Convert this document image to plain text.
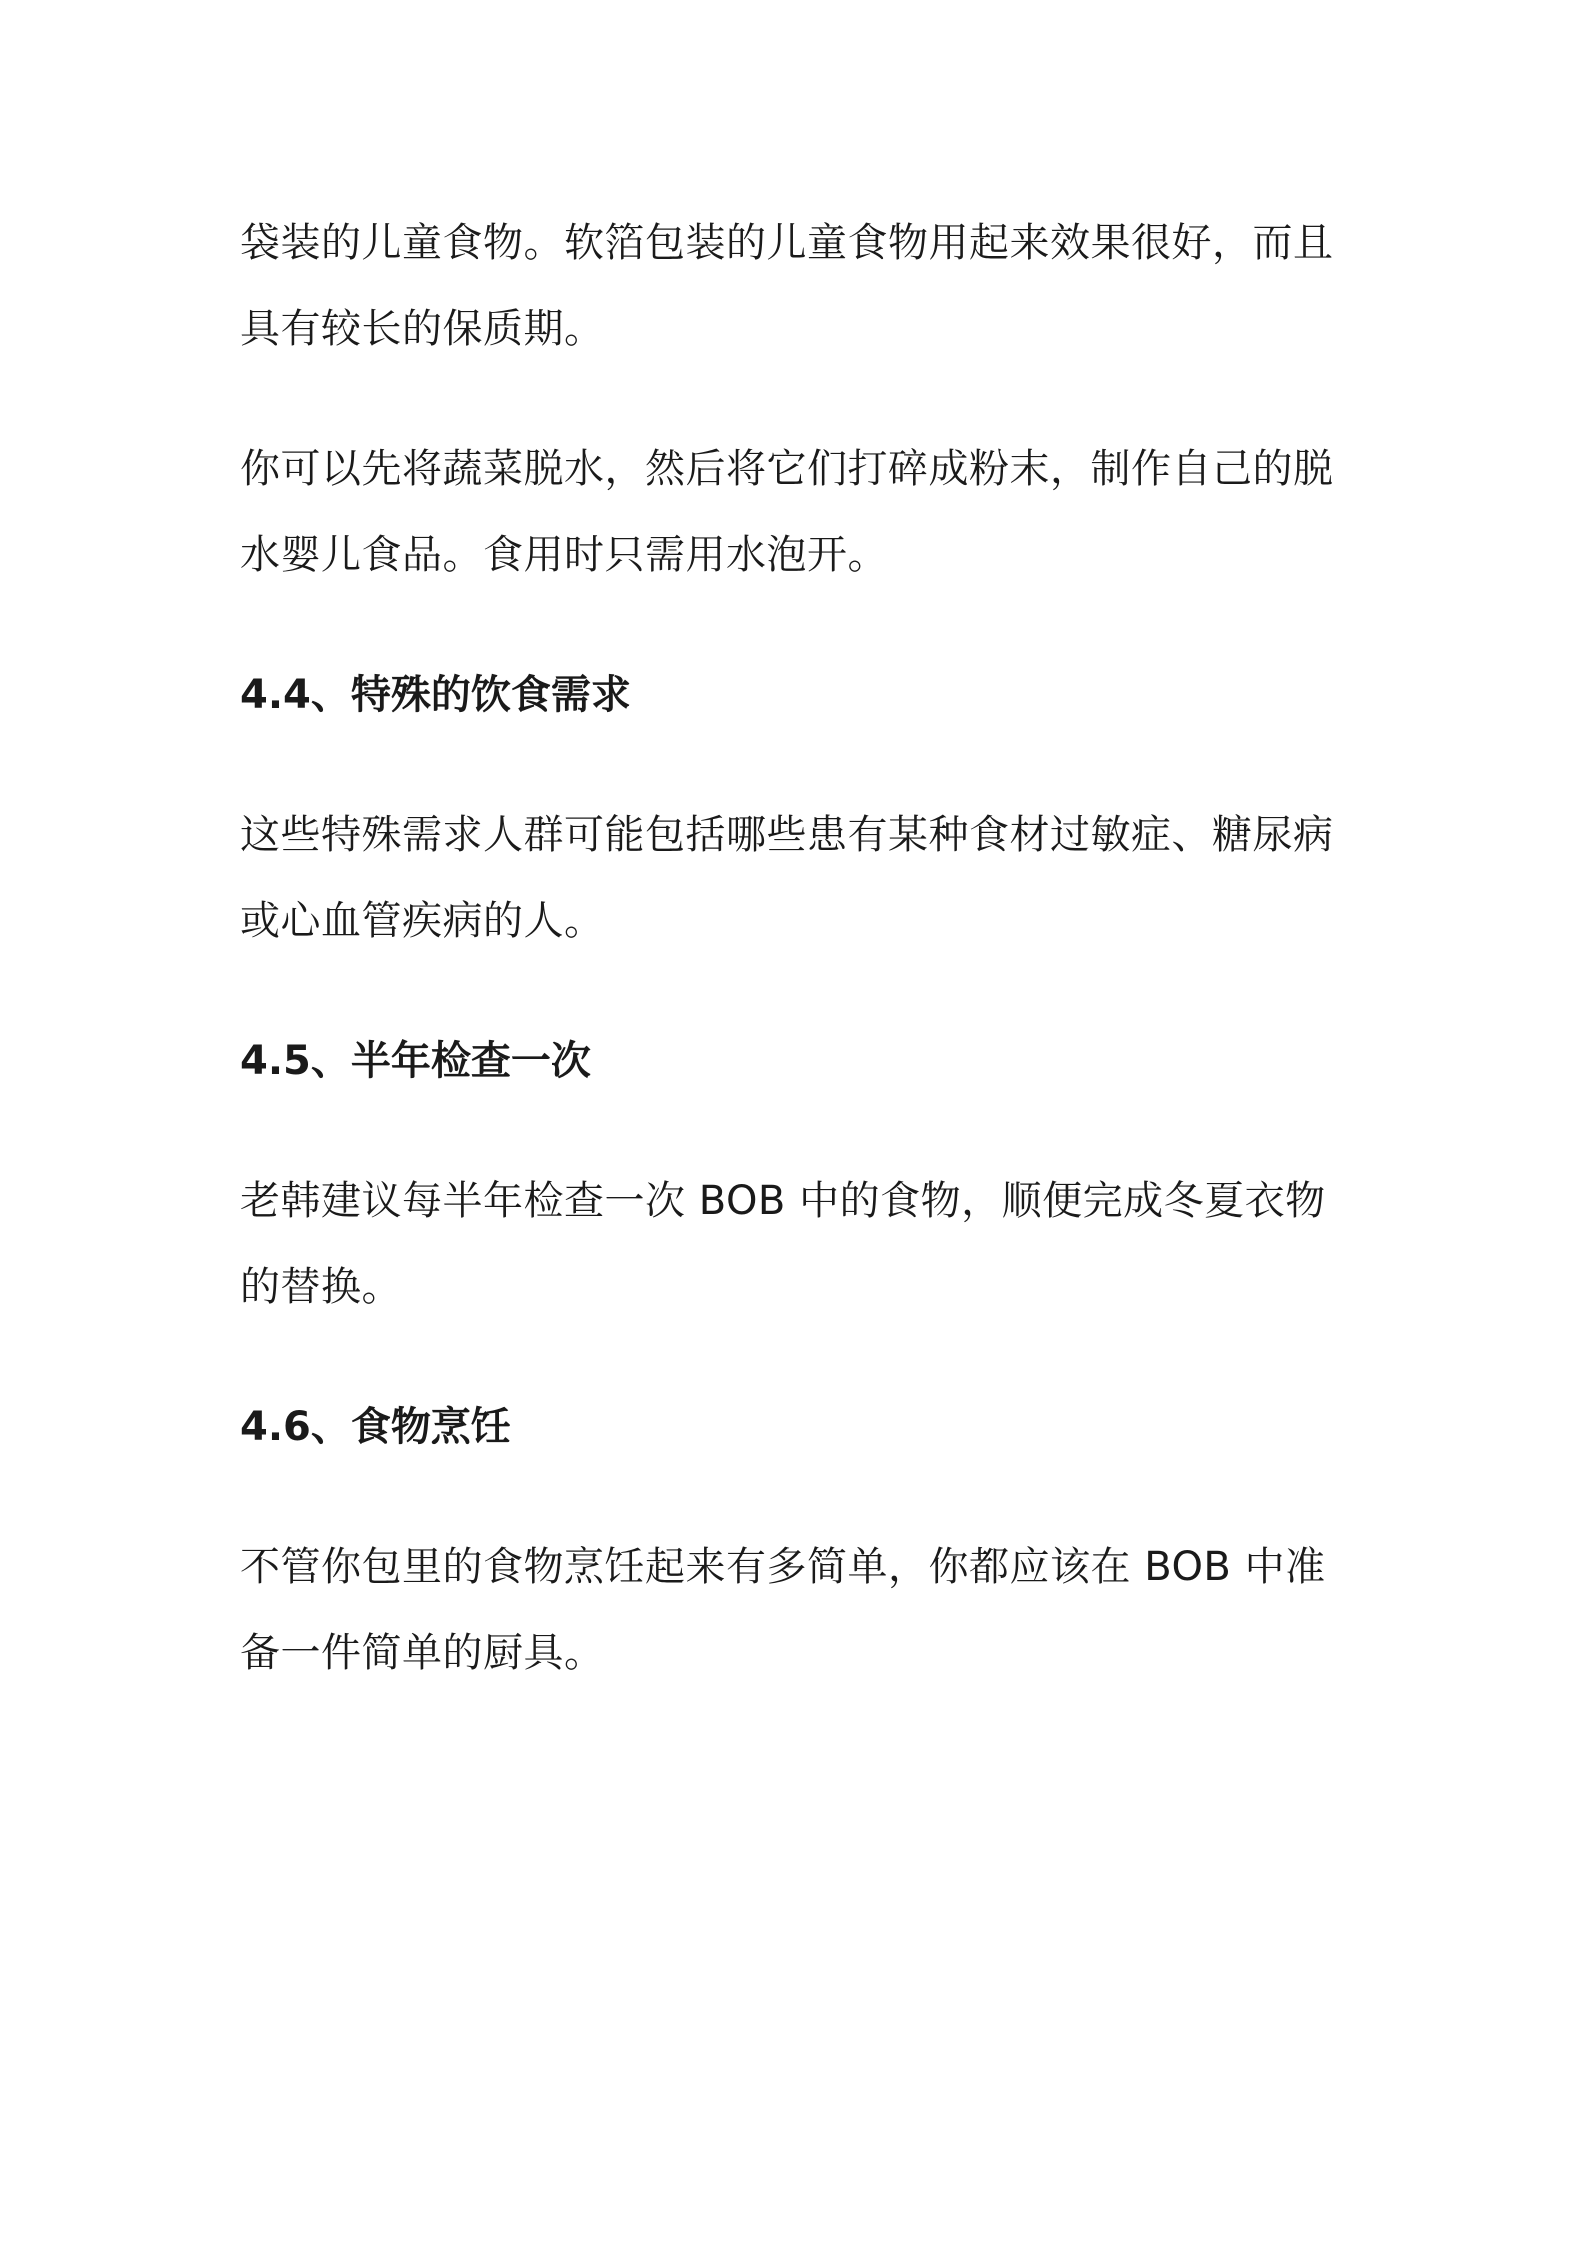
袋装的儿童食物。软箔包装的儿童食物用起来效果很好，而且具有较长的保质期。

你可以先将蔬菜脱水，然后将它们打碎成粉末，制作自己的脱水婴儿食品。食用时只需用水泡开。

4.4、特殊的饮食需求

这些特殊需求人群可能包括哪些患有某种食材过敏症、糖尿病或心血管疾病的人。

4.5、半年检查一次

老韩建议每半年检查一次 BOB 中的食物，顺便完成冬夏衣物的替换。

4.6、食物烹饪

不管你包里的食物烹饪起来有多简单，你都应该在 BOB 中准备一件简单的厨具。
